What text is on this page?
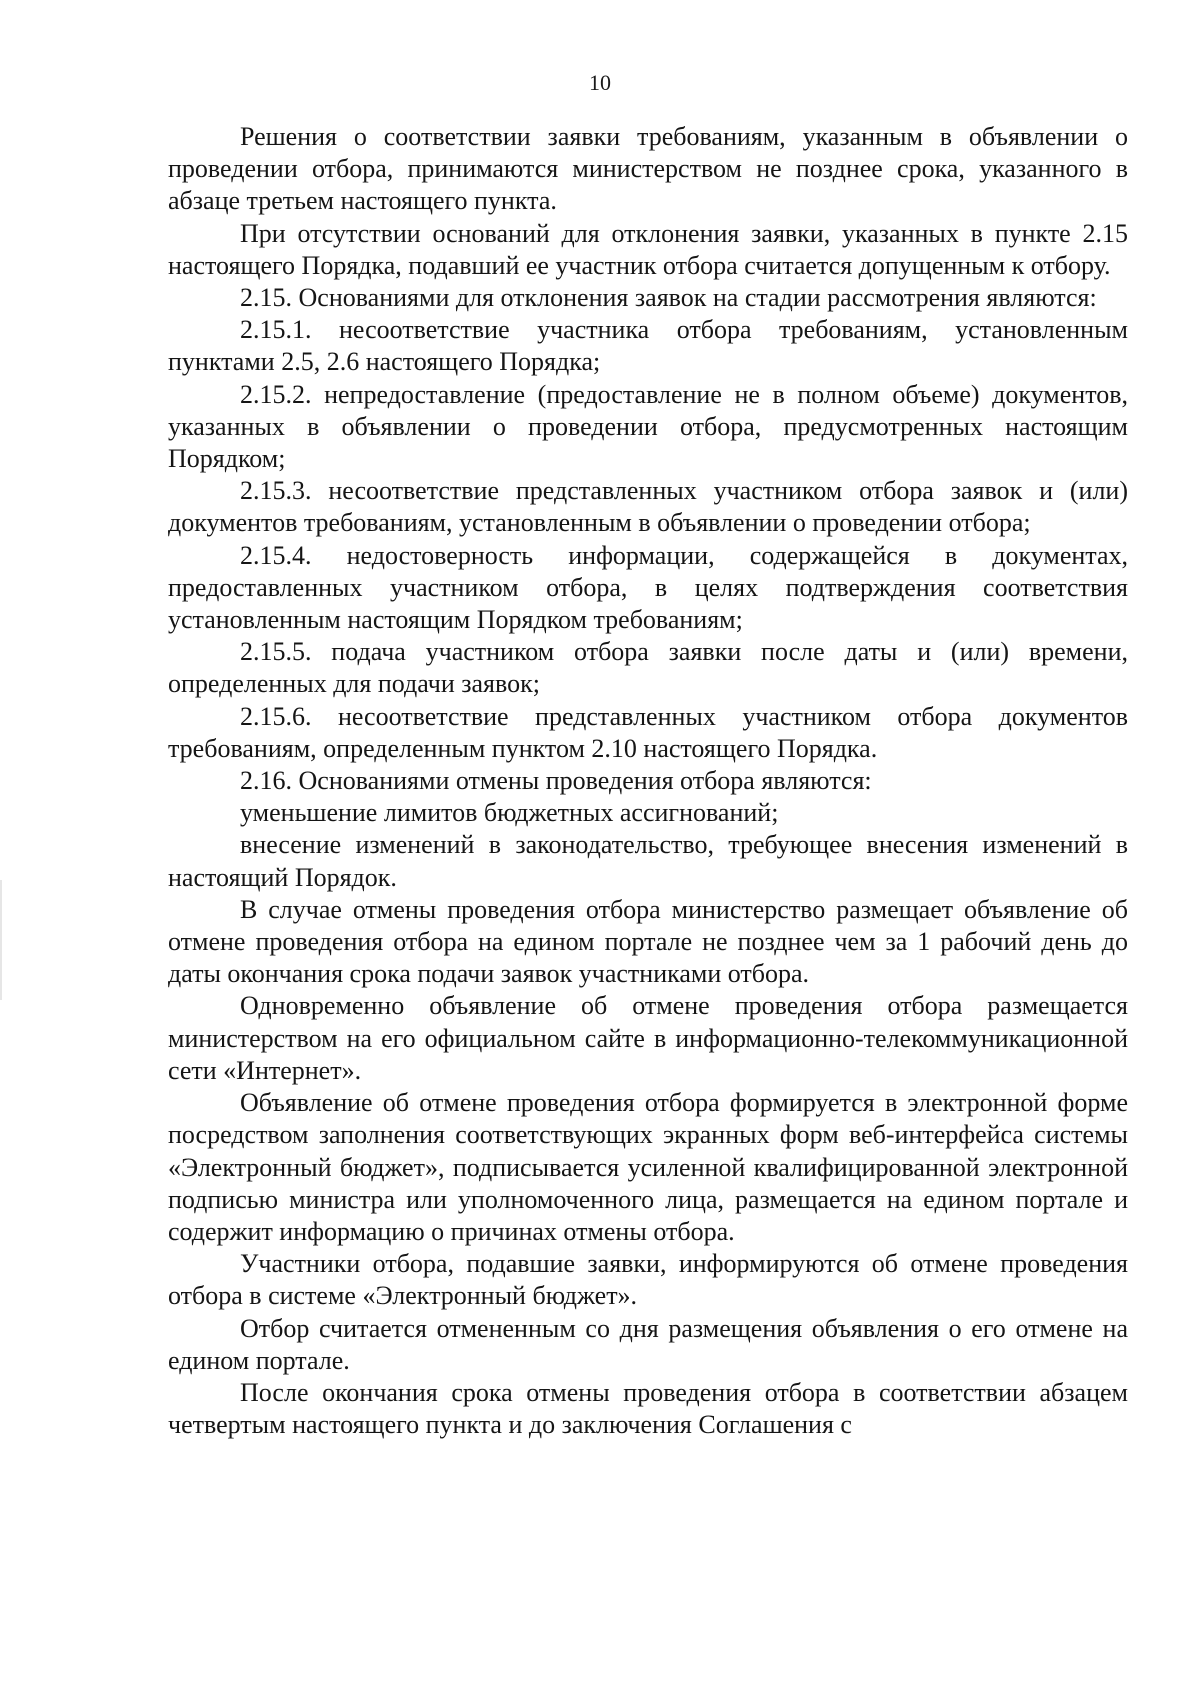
10

Решения о соответствии заявки требованиям, указанным в объявлении о проведении отбора, принимаются министерством не позднее срока, указанного в абзаце третьем настоящего пункта.

При отсутствии оснований для отклонения заявки, указанных в пункте 2.15 настоящего Порядка, подавший ее участник отбора считается допущенным к отбору.

2.15. Основаниями для отклонения заявок на стадии рассмотрения являются:

2.15.1. несоответствие участника отбора требованиям, установленным пунктами 2.5, 2.6 настоящего Порядка;

2.15.2. непредоставление (предоставление не в полном объеме) документов, указанных в объявлении о проведении отбора, предусмотренных настоящим Порядком;

2.15.3. несоответствие представленных участником отбора заявок и (или) документов требованиям, установленным в объявлении о проведении отбора;

2.15.4. недостоверность информации, содержащейся в документах, предоставленных участником отбора, в целях подтверждения соответствия установленным настоящим Порядком требованиям;

2.15.5. подача участником отбора заявки после даты и (или) времени, определенных для подачи заявок;

2.15.6. несоответствие представленных участником отбора документов требованиям, определенным пунктом 2.10 настоящего Порядка.

2.16. Основаниями отмены проведения отбора являются:

уменьшение лимитов бюджетных ассигнований;

внесение изменений в законодательство, требующее внесения изменений в настоящий Порядок.

В случае отмены проведения отбора министерство размещает объявление об отмене проведения отбора на едином портале не позднее чем за 1 рабочий день до даты окончания срока подачи заявок участниками отбора.

Одновременно объявление об отмене проведения отбора размещается министерством на его официальном сайте в информационно-телекоммуникационной сети «Интернет».

Объявление об отмене проведения отбора формируется в электронной форме посредством заполнения соответствующих экранных форм веб-интерфейса системы «Электронный бюджет», подписывается усиленной квалифицированной электронной подписью министра или уполномоченного лица, размещается на едином портале и содержит информацию о причинах отмены отбора.

Участники отбора, подавшие заявки, информируются об отмене проведения отбора в системе «Электронный бюджет».

Отбор считается отмененным со дня размещения объявления о его отмене на едином портале.

После окончания срока отмены проведения отбора в соответствии абзацем четвертым настоящего пункта и до заключения Соглашения с
